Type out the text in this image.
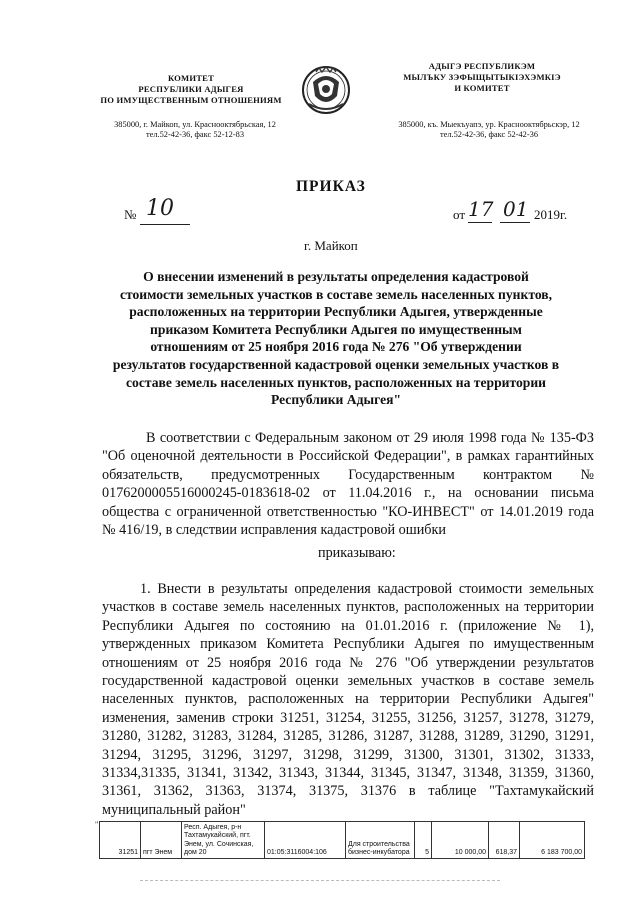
КОМИТЕТ
РЕСПУБЛИКИ АДЫГЕЯ
ПО ИМУЩЕСТВЕННЫМ ОТНОШЕНИЯМ
385000, г. Майкоп, ул. Краснооктябрьская, 12
тел.52-42-36, факс 52-12-83
АДЫГЭ РЕСПУБЛИКЭМ
МЫЛЪКУ ЗЭФЫЩЫТЫКIЭХЭМКIЭ
И КОМИТЕТ
385000, къ. Мыекъуапэ, ур. Краснооктябрьскэр, 12
тел.52-42-36, факс 52-42-36
ПРИКАЗ
№ 10	от 17 01 2019г.
г. Майкоп
О внесении изменений в результаты определения кадастровой
стоимости земельных участков в составе земель населенных пунктов,
расположенных на территории Республики Адыгея, утвержденные
приказом Комитета Республики Адыгея по имущественным
отношениям от 25 ноября 2016 года № 276 "Об утверждении
результатов государственной кадастровой оценки земельных участков в
составе земель населенных пунктов, расположенных на территории
Республики Адыгея"
В соответствии с Федеральным законом от 29 июля 1998 года № 135-ФЗ "Об оценочной деятельности в Российской Федерации", в рамках гарантийных обязательств, предусмотренных Государственным контрактом № 0176200005516000245-0183618-02 от 11.04.2016 г., на основании письма общества с ограниченной ответственностью "КО-ИНВЕСТ" от 14.01.2019 года № 416/19, в следствии исправления кадастровой ошибки
приказываю:
1. Внести в результаты определения кадастровой стоимости земельных участков в составе земель населенных пунктов, расположенных на территории Республики Адыгея по состоянию на 01.01.2016 г. (приложение № 1), утвержденных приказом Комитета Республики Адыгея по имущественным отношениям от 25 ноября 2016 года № 276 "Об утверждении результатов государственной кадастровой оценки земельных участков в составе земель населенных пунктов, расположенных на территории Республики Адыгея" изменения, заменив строки 31251, 31254, 31255, 31256, 31257, 31278, 31279, 31280, 31282, 31283, 31284, 31285, 31286, 31287, 31288, 31289, 31290, 31291, 31294, 31295, 31296, 31297, 31298, 31299, 31300, 31301, 31302, 31333, 31334,31335, 31341, 31342, 31343, 31344, 31345, 31347, 31348, 31359, 31360, 31361, 31362, 31363, 31374, 31375, 31376 в таблице "Тахтамукайский муниципальный район"
"
31251	пгт Энем	Респ. Адыгея, р-н Тахтамукайский, пгт. Энем, ул. Сочинская, дом 20	01:05:3116004:106	Для строительства бизнес-инкубатора	5	10 000,00	618,37	6 183 700,00
